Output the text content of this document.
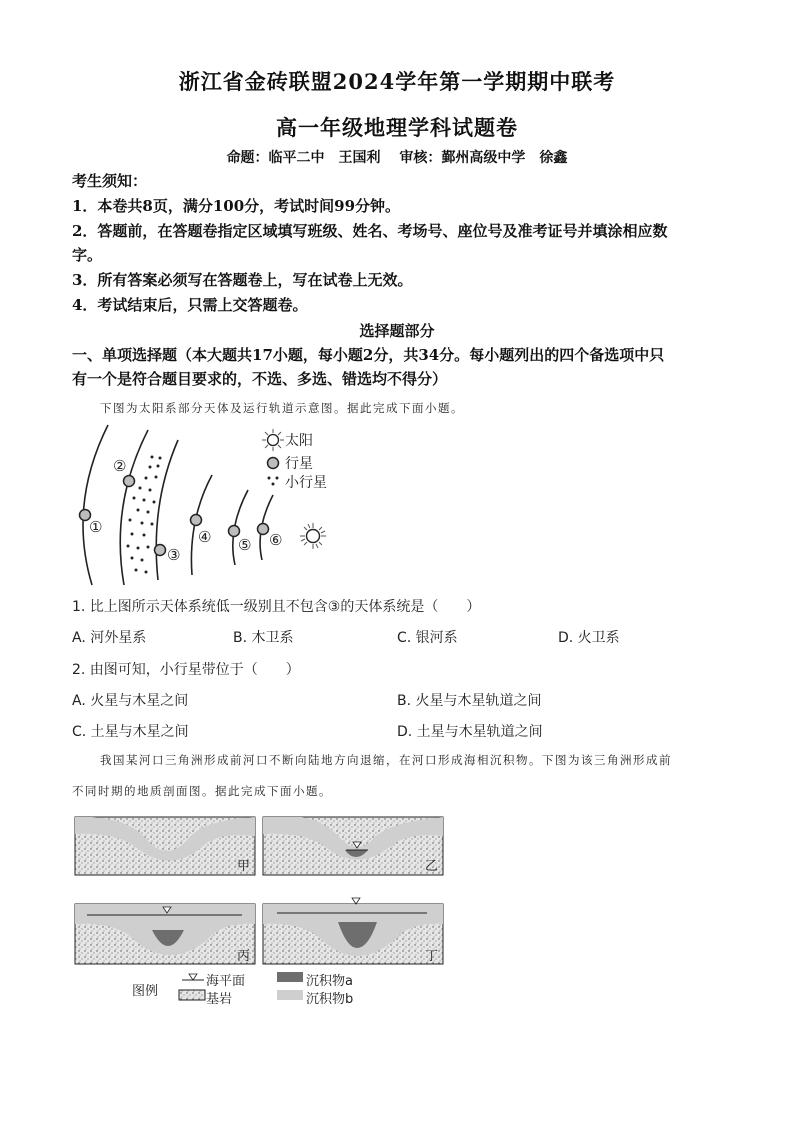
浙江省金砖联盟2024学年第一学期期中联考
高一年级地理学科试题卷
命题：临平二中　王国利　 审核：鄞州高级中学　徐鑫
考生须知：
1．本卷共8页，满分100分，考试时间99分钟。
2．答题前，在答题卷指定区域填写班级、姓名、考场号、座位号及准考证号并填涂相应数
字。
3．所有答案必须写在答题卷上，写在试卷上无效。
4．考试结束后，只需上交答题卷。
选择题部分
一、单项选择题（本大题共17小题，每小题2分，共34分。每小题列出的四个备选项中只
有一个是符合题目要求的，不选、多选、错选均不得分）
下图为太阳系部分天体及运行轨道示意图。据此完成下面小题。
①
②
③
④ ⑤ ⑥
太阳
行星
小行星
1. 比上图所示天体系统低一级别且不包含③的天体系统是（　　）
A. 河外星系	B. 木卫系	C. 银河系	D. 火卫系
2. 由图可知，小行星带位于（　　）
A. 火星与木星之间	B. 火星与木星轨道之间
C. 土星与木星之间	D. 土星与木星轨道之间
我国某河口三角洲形成前河口不断向陆地方向退缩，在河口形成海相沉积物。下图为该三角洲形成前
不同时期的地质剖面图。据此完成下面小题。
甲	乙
丙	丁
图例
海平面
基岩
沉积物a
沉积物b
